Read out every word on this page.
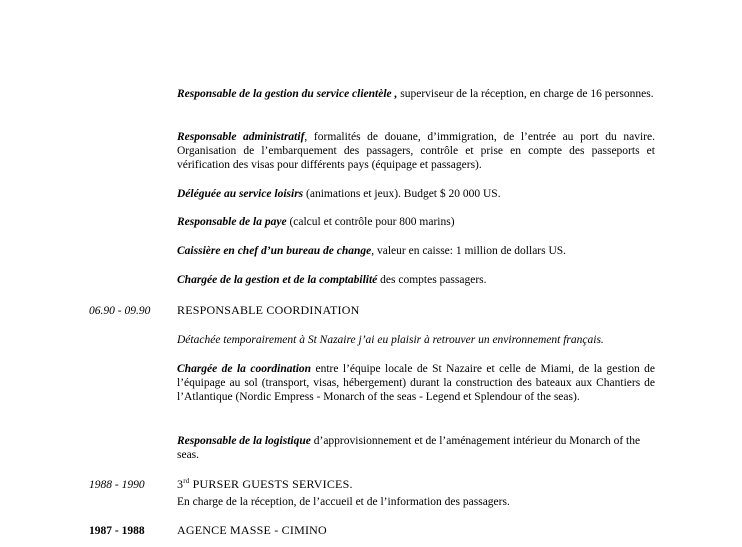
Responsable de la gestion du service clientèle , superviseur de la réception, en charge de 16 personnes.

Responsable administratif, formalités de douane, d’immigration, de l’entrée au port du navire. Organisation de l’embarquement des passagers, contrôle et prise en compte des passeports et vérification des visas pour différents pays (équipage et passagers).

Déléguée au service loisirs (animations et jeux). Budget $ 20 000 US.

Responsable de la paye (calcul et contrôle pour 800 marins)

Caissière en chef d’un bureau de change, valeur en caisse: 1 million de dollars US.

Chargée de la gestion et de la comptabilité des comptes passagers.

06.90 - 09.90 RESPONSABLE COORDINATION

Détachée temporairement à St Nazaire j’ai eu plaisir à retrouver un environnement français.

Chargée de la coordination entre l’équipe locale de St Nazaire et celle de Miami, de la gestion de l’équipage au sol (transport, visas, hébergement) durant la construction des bateaux aux Chantiers de l’Atlantique (Nordic Empress - Monarch of the seas - Legend et Splendour of the seas).

Responsable de la logistique d’approvisionnement et de l’aménagement intérieur du Monarch of the seas.

1988 - 1990	3rd PURSER GUESTS SERVICES.

En charge de la réception, de l’accueil et de l’information des passagers.

1987 - 1988	AGENCE MASSE - CIMINO
